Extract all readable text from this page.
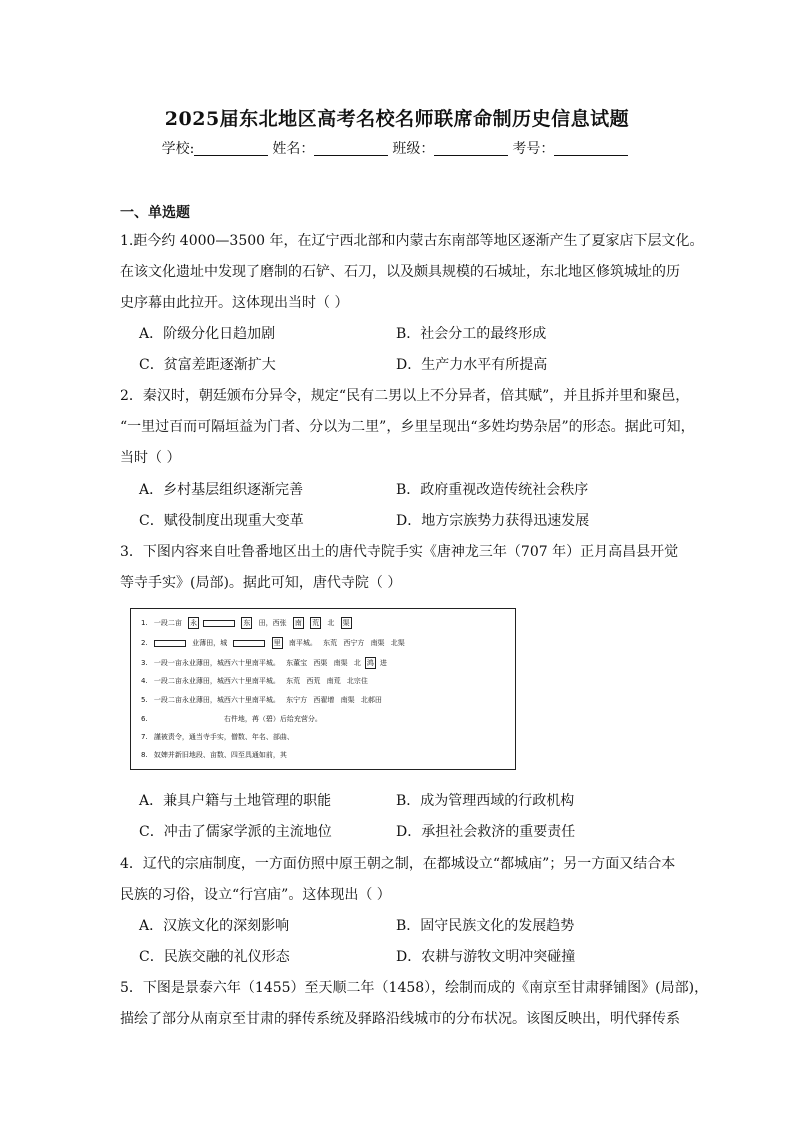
2025届东北地区高考名校名师联席命制历史信息试题
学校:	姓名：	班级：	考号：
一、单选题
1.距今约 4000—3500 年，在辽宁西北部和内蒙古东南部等地区逐渐产生了夏家店下层文化。
在该文化遗址中发现了磨制的石铲、石刀，以及颇具规模的石城址，东北地区修筑城址的历
史序幕由此拉开。这体现出当时（ ）
A．阶级分化日趋加剧	B．社会分工的最终形成
C．贫富差距逐渐扩大	D．生产力水平有所提高
2．秦汉时，朝廷颁布分异令，规定“民有二男以上不分异者，倍其赋”，并且拆并里和聚邑，
“一里过百而可隔垣益为门者、分以为二里”，乡里呈现出“多姓均势杂居”的形态。据此可知，
当时（ ）
A．乡村基层组织逐渐完善	B．政府重视改造传统社会秩序
C．赋役制度出现重大变革	D．地方宗族势力获得迅速发展
3．下图内容来自吐鲁番地区出土的唐代寺院手实《唐神龙三年（707 年）正月高昌县开觉
等寺手实》(局部)。据此可知，唐代寺院（ ）
1. 一段二亩 永	东 田，西张 南 荒 北 渠
2.	业薄田，城	里 南平城。 东荒 西宁方 南渠 北渠
3. 一段一亩永业薄田，城西六十里南平城。 东董宝 西渠 南渠 北 鸿 进
4. 一段二亩永业薄田，城西六十里南平城。 东荒 西荒 南荒 北宗住
5. 一段二亩永业薄田，城西六十里南平城。 东宁方 西翟增 南渠 北郝田
6.	右件地，苒（碧）后给充营分。
7. 謹被责令，通当寺手实，僧数、年名、部曲、
8. 奴婢并新旧地段、亩数、四至具通如前，其
A．兼具户籍与土地管理的职能	B．成为管理西域的行政机构
C．冲击了儒家学派的主流地位	D．承担社会救济的重要责任
4．辽代的宗庙制度，一方面仿照中原王朝之制，在都城设立“都城庙”；另一方面又结合本
民族的习俗，设立“行宫庙”。这体现出（ ）
A．汉族文化的深刻影响	B．固守民族文化的发展趋势
C．民族交融的礼仪形态	D．农耕与游牧文明冲突碰撞
5．下图是景泰六年（1455）至天顺二年（1458），绘制而成的《南京至甘肃驿铺图》(局部)，
描绘了部分从南京至甘肃的驿传系统及驿路沿线城市的分布状况。该图反映出，明代驿传系
